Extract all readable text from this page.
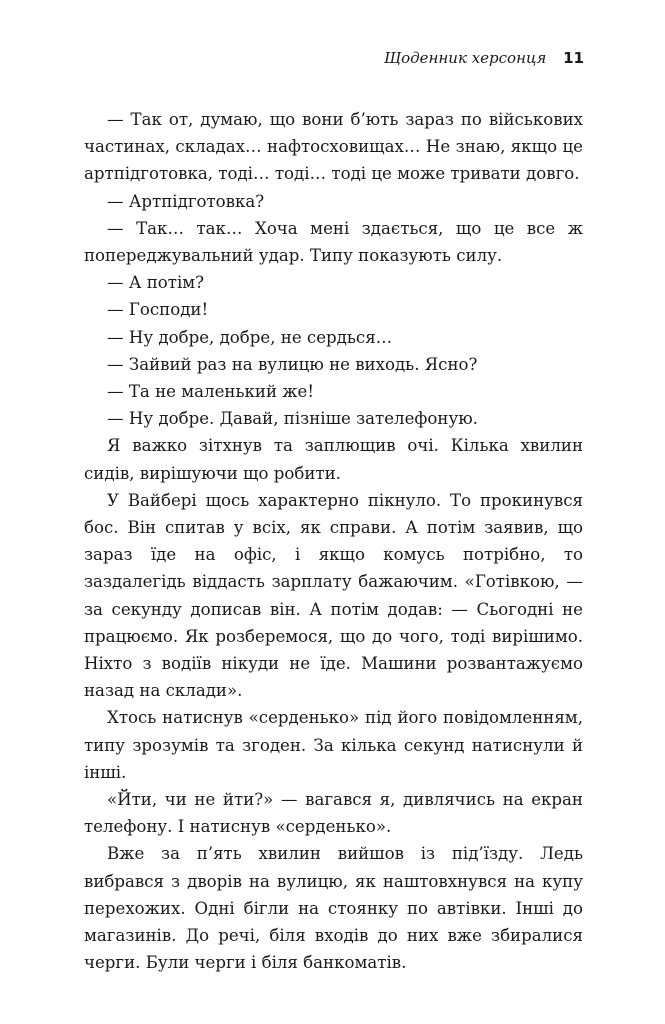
Щоденник херсонця 11

— Так от, думаю, що вони б’ють зараз по військових частинах, складах… нафтосховищах… Не знаю, якщо це артпідготовка, тоді… тоді… тоді це може тривати довго.

— Артпідготовка?

— Так… так… Хоча мені здається, що це все ж попереджувальний удар. Типу показують силу.

— А потім?

— Господи!

— Ну добре, добре, не сердься…

— Зайвий раз на вулицю не виходь. Ясно?

— Та не маленький же!

— Ну добре. Давай, пізніше зателефоную.

Я важко зітхнув та заплющив очі. Кілька хвилин сидів, вирішуючи що робити.

У Вайбері щось характерно пікнуло. То прокинувся бос. Він спитав у всіх, як справи. А потім заявив, що зараз їде на офіс, і якщо комусь потрібно, то заздалегідь віддасть зарплату бажаючим. «Готівкою, — за секунду дописав він. А потім додав: — Сьогодні не працюємо. Як розберемося, що до чого, тоді вирішимо. Ніхто з водіїв нікуди не їде. Машини розвантажуємо назад на склади».

Хтось натиснув «серденько» під його повідомленням, типу зрозумів та згоден. За кілька секунд натиснули й інші.

«Йти, чи не йти?» — вагався я, дивлячись на екран телефону. І натиснув «серденько».

Вже за п’ять хвилин вийшов із під’їзду. Ледь вибрався з дворів на вулицю, як наштовхнувся на купу перехожих. Одні бігли на стоянку по автівки. Інші до магазинів. До речі, біля входів до них вже збиралися черги. Були черги і біля банкоматів.
